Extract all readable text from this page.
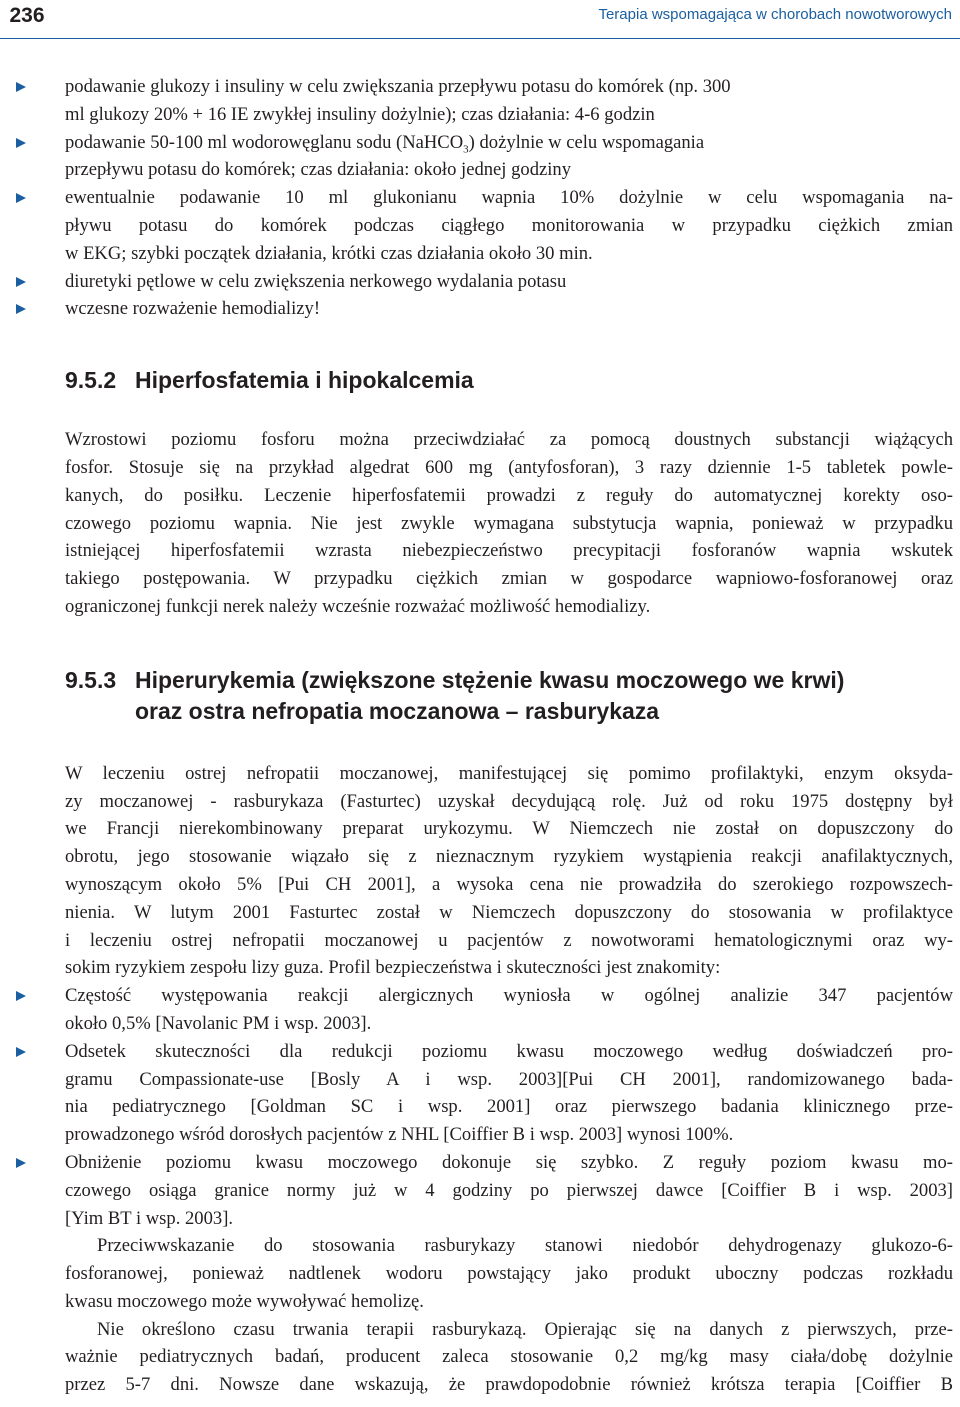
236	Terapia wspomagająca w chorobach nowotworowych
podawanie glukozy i insuliny w celu zwiększania przepływu potasu do komórek (np. 300
ml glukozy 20% + 16 IE zwykłej insuliny dożylnie); czas działania: 4-6 godzin
podawanie 50-100 ml wodorowęglanu sodu (NaHCO$_3$) dożylnie w celu wspomagania
przepływu potasu do komórek; czas działania: około jednej godziny
ewentualnie podawanie 10 ml glukonianu wapnia 10% dożylnie w celu wspomagania na-
pływu potasu do komórek podczas ciągłego monitorowania w przypadku ciężkich zmian
w EKG; szybki początek działania, krótki czas działania około 30 min.
diuretyki pętlowe w celu zwiększenia nerkowego wydalania potasu
wczesne rozważenie hemodializy!
9.5.2 Hiperfosfatemia i hipokalcemia
Wzrostowi poziomu fosforu można przeciwdziałać za pomocą doustnych substancji wiążących
fosfor. Stosuje się na przykład algedrat 600 mg (antyfosforan), 3 razy dziennie 1-5 tabletek powle-
kanych, do posiłku. Leczenie hiperfosfatemii prowadzi z reguły do automatycznej korekty oso-
czowego poziomu wapnia. Nie jest zwykle wymagana substytucja wapnia, ponieważ w przypadku
istniejącej hiperfosfatemii wzrasta niebezpieczeństwo precypitacji fosforanów wapnia wskutek
takiego postępowania. W przypadku ciężkich zmian w gospodarce wapniowo-fosforanowej oraz
ograniczonej funkcji nerek należy wcześnie rozważać możliwość hemodializy.
9.5.3 Hiperurykemia (zwiększone stężenie kwasu moczowego we krwi)
oraz ostra nefropatia moczanowa – rasburykaza
W leczeniu ostrej nefropatii moczanowej, manifestującej się pomimo profilaktyki, enzym oksyda-
zy moczanowej - rasburykaza (Fasturtec) uzyskał decydującą rolę. Już od roku 1975 dostępny był
we Francji nierekombinowany preparat urykozymu. W Niemczech nie został on dopuszczony do
obrotu, jego stosowanie wiązało się z nieznacznym ryzykiem wystąpienia reakcji anafilaktycznych,
wynoszącym około 5% [Pui CH 2001], a wysoka cena nie prowadziła do szerokiego rozpowszech-
nienia. W lutym 2001 Fasturtec został w Niemczech dopuszczony do stosowania w profilaktyce
i leczeniu ostrej nefropatii moczanowej u pacjentów z nowotworami hematologicznymi oraz wy-
sokim ryzykiem zespołu lizy guza. Profil bezpieczeństwa i skuteczności jest znakomity:
Częstość występowania reakcji alergicznych wyniosła w ogólnej analizie 347 pacjentów
około 0,5% [Navolanic PM i wsp. 2003].
Odsetek skuteczności dla redukcji poziomu kwasu moczowego według doświadczeń pro-
gramu Compassionate-use [Bosly A i wsp. 2003][Pui CH 2001], randomizowanego bada-
nia pediatrycznego [Goldman SC i wsp. 2001] oraz pierwszego badania klinicznego prze-
prowadzonego wśród dorosłych pacjentów z NHL [Coiffier B i wsp. 2003] wynosi 100%.
Obniżenie poziomu kwasu moczowego dokonuje się szybko. Z reguły poziom kwasu mo-
czowego osiąga granice normy już w 4 godziny po pierwszej dawce [Coiffier B i wsp. 2003]
[Yim BT i wsp. 2003].
Przeciwwskazanie do stosowania rasburykazy stanowi niedobór dehydrogenazy glukozo-6-
fosforanowej, ponieważ nadtlenek wodoru powstający jako produkt uboczny podczas rozkładu
kwasu moczowego może wywoływać hemolizę.
Nie określono czasu trwania terapii rasburykazą. Opierając się na danych z pierwszych, prze-
ważnie pediatrycznych badań, producent zaleca stosowanie 0,2 mg/kg masy ciała/dobę dożylnie
przez 5-7 dni. Nowsze dane wskazują, że prawdopodobnie również krótsza terapia [Coiffier B
